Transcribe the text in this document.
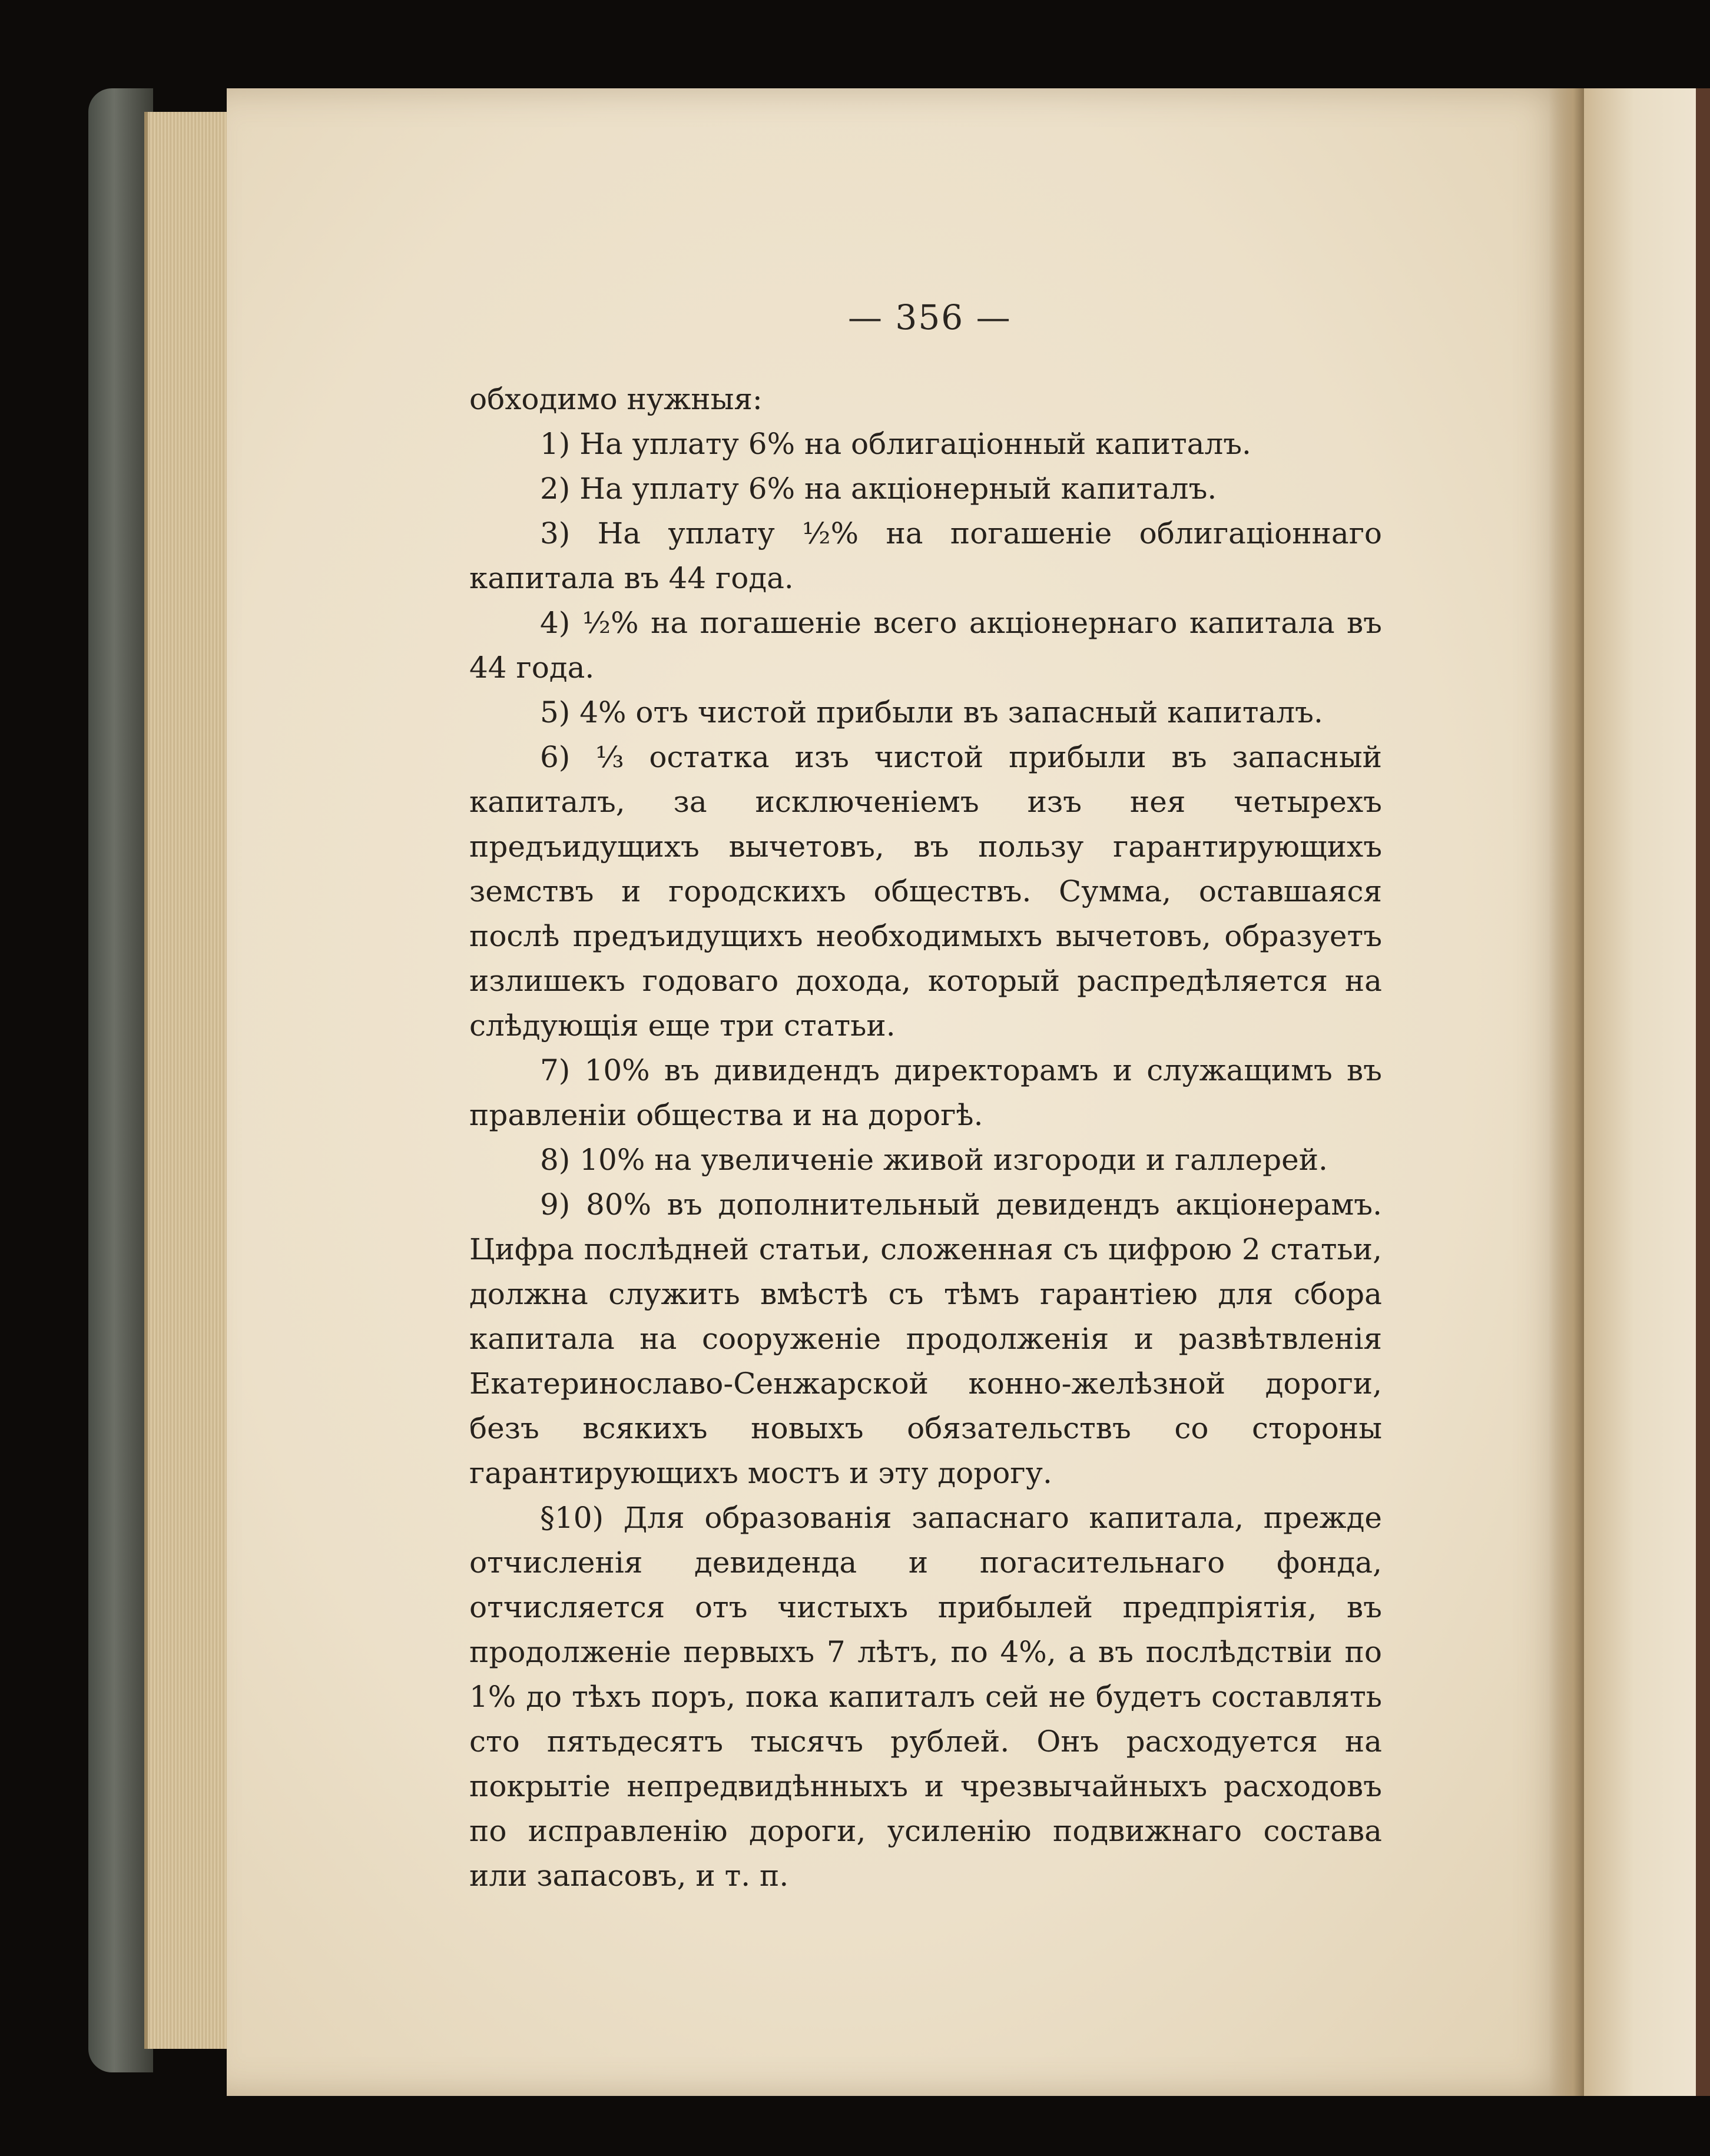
— 356 —

обходимо нужныя:

1) На уплату 6% на облигаціонный капиталъ.

2) На уплату 6% на акціонерный капиталъ.

3) На уплату ½% на погашеніе облигаціоннаго капитала въ 44 года.

4) ½% на погашеніе всего акціонернаго капитала въ 44 года.

5) 4% отъ чистой прибыли въ запасный капиталъ.

6) ⅓ остатка изъ чистой прибыли въ запасный капиталъ, за исключеніемъ изъ нея четырехъ предъидущихъ вычетовъ, въ пользу гарантирующихъ земствъ и городскихъ обществъ. Сумма, оставшаяся послѣ предъидущихъ необходимыхъ вычетовъ, образуетъ излишекъ годоваго дохода, который распредѣляется на слѣдующія еще три статьи.

7) 10% въ дивидендъ директорамъ и служащимъ въ правленіи общества и на дорогѣ.

8) 10% на увеличеніе живой изгороди и галлерей.

9) 80% въ дополнительный девидендъ акціонерамъ. Цифра послѣдней статьи, сложенная съ цифрою 2 статьи, должна служить вмѣстѣ съ тѣмъ гарантіею для сбора капитала на сооруженіе продолженія и развѣтвленія Екатеринославо-Сенжарской конно-желѣзной дороги, безъ всякихъ новыхъ обязательствъ со стороны гарантирующихъ мостъ и эту дорогу.

§10) Для образованія запаснаго капитала, прежде отчисленія девиденда и погасительнаго фонда, отчисляется отъ чистыхъ прибылей предпріятія, въ продолженіе первыхъ 7 лѣтъ, по 4%, а въ послѣдствіи по 1% до тѣхъ поръ, пока капиталъ сей не будетъ составлять сто пятьдесятъ тысячъ рублей. Онъ расходуется на покрытіе непредвидѣнныхъ и чрезвычайныхъ расходовъ по исправленію дороги, усиленію подвижнаго состава или запасовъ, и т. п.
